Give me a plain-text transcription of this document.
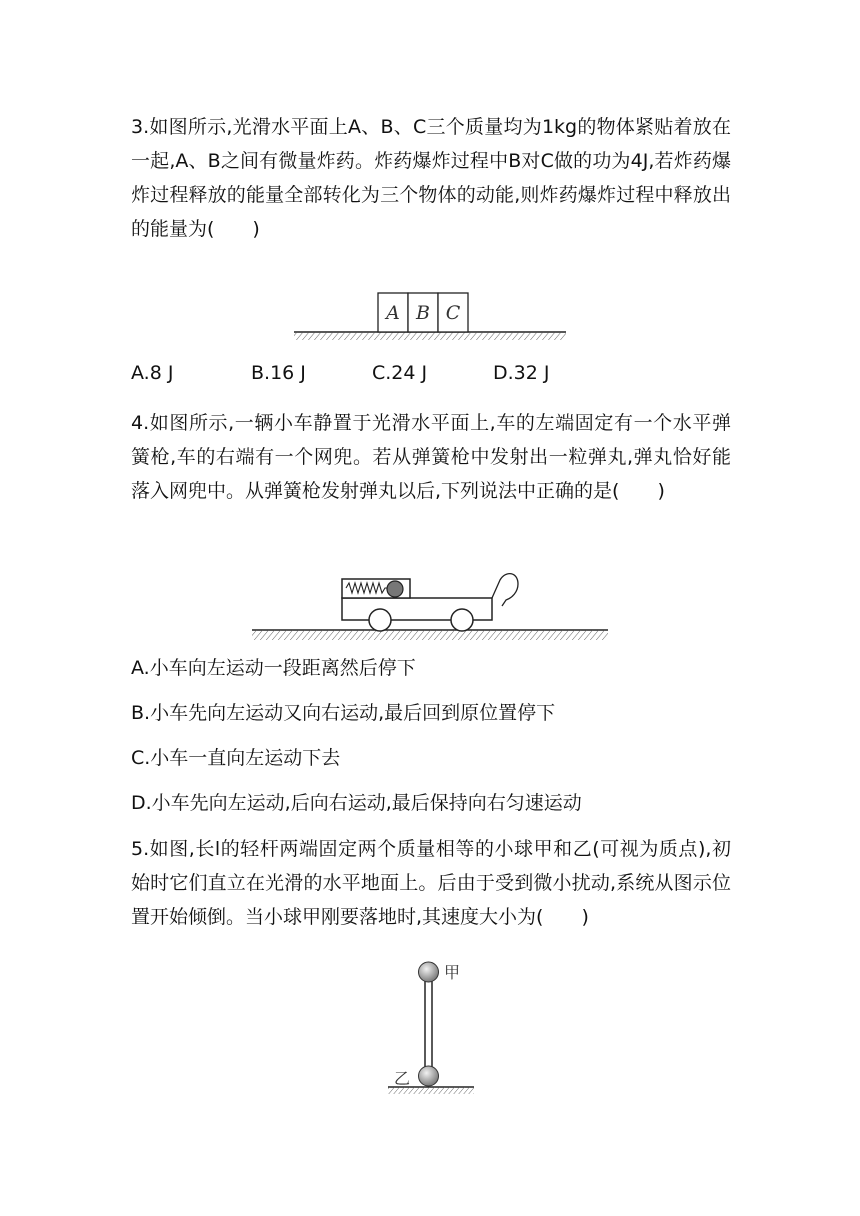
3.如图所示,光滑水平面上A、B、C三个质量均为1kg的物体紧贴着放在一起,A、B之间有微量炸药。炸药爆炸过程中B对C做的功为4J,若炸药爆炸过程释放的能量全部转化为三个物体的动能,则炸药爆炸过程中释放出的能量为(　　)

A B C
A.8 J	B.16 J	C.24 J	D.32 J

4.如图所示,一辆小车静置于光滑水平面上,车的左端固定有一个水平弹簧枪,车的右端有一个网兜。若从弹簧枪中发射出一粒弹丸,弹丸恰好能落入网兜中。从弹簧枪发射弹丸以后,下列说法中正确的是(　　)

A.小车向左运动一段距离然后停下
B.小车先向左运动又向右运动,最后回到原位置停下
C.小车一直向左运动下去
D.小车先向左运动,后向右运动,最后保持向右匀速运动

5.如图,长l的轻杆两端固定两个质量相等的小球甲和乙(可视为质点),初始时它们直立在光滑的水平地面上。后由于受到微小扰动,系统从图示位置开始倾倒。当小球甲刚要落地时,其速度大小为(　　)

甲
乙
